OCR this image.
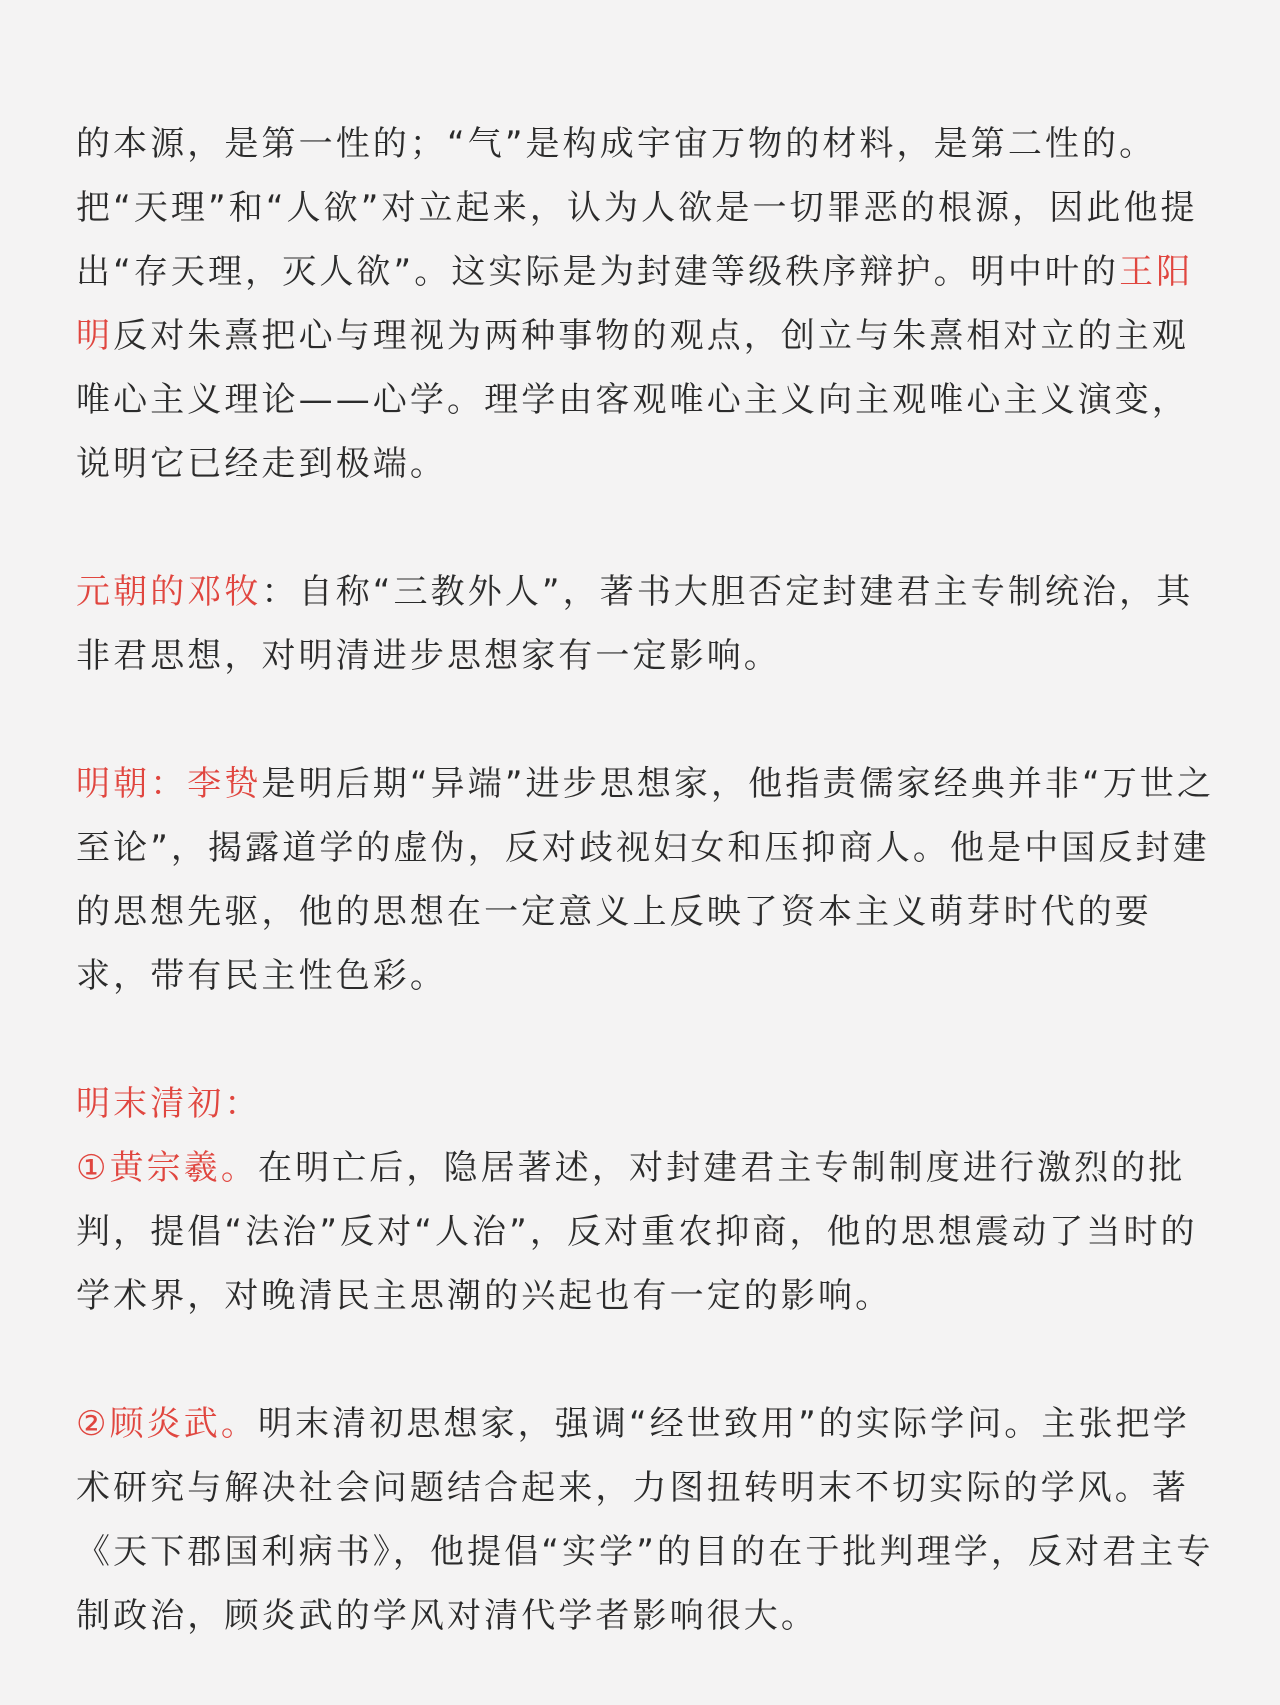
的本源，是第一性的；“气”是构成宇宙万物的材料，是第二性的。把“天理”和“人欲”对立起来，认为人欲是一切罪恶的根源，因此他提出“存天理，灭人欲”。这实际是为封建等级秩序辩护。明中叶的王阳明反对朱熹把心与理视为两种事物的观点，创立与朱熹相对立的主观唯心主义理论——心学。理学由客观唯心主义向主观唯心主义演变，说明它已经走到极端。

元朝的邓牧：自称“三教外人”，著书大胆否定封建君主专制统治，其非君思想，对明清进步思想家有一定影响。

明朝：李贽是明后期“异端”进步思想家，他指责儒家经典并非“万世之至论”，揭露道学的虚伪，反对歧视妇女和压抑商人。他是中国反封建的思想先驱，他的思想在一定意义上反映了资本主义萌芽时代的要求，带有民主性色彩。

明末清初：

①黄宗羲。在明亡后，隐居著述，对封建君主专制制度进行激烈的批判，提倡“法治”反对“人治”，反对重农抑商，他的思想震动了当时的学术界，对晚清民主思潮的兴起也有一定的影响。

②顾炎武。明末清初思想家，强调“经世致用”的实际学问。主张把学术研究与解决社会问题结合起来，力图扭转明末不切实际的学风。著《天下郡国利病书》，他提倡“实学”的目的在于批判理学，反对君主专制政治，顾炎武的学风对清代学者影响很大。
